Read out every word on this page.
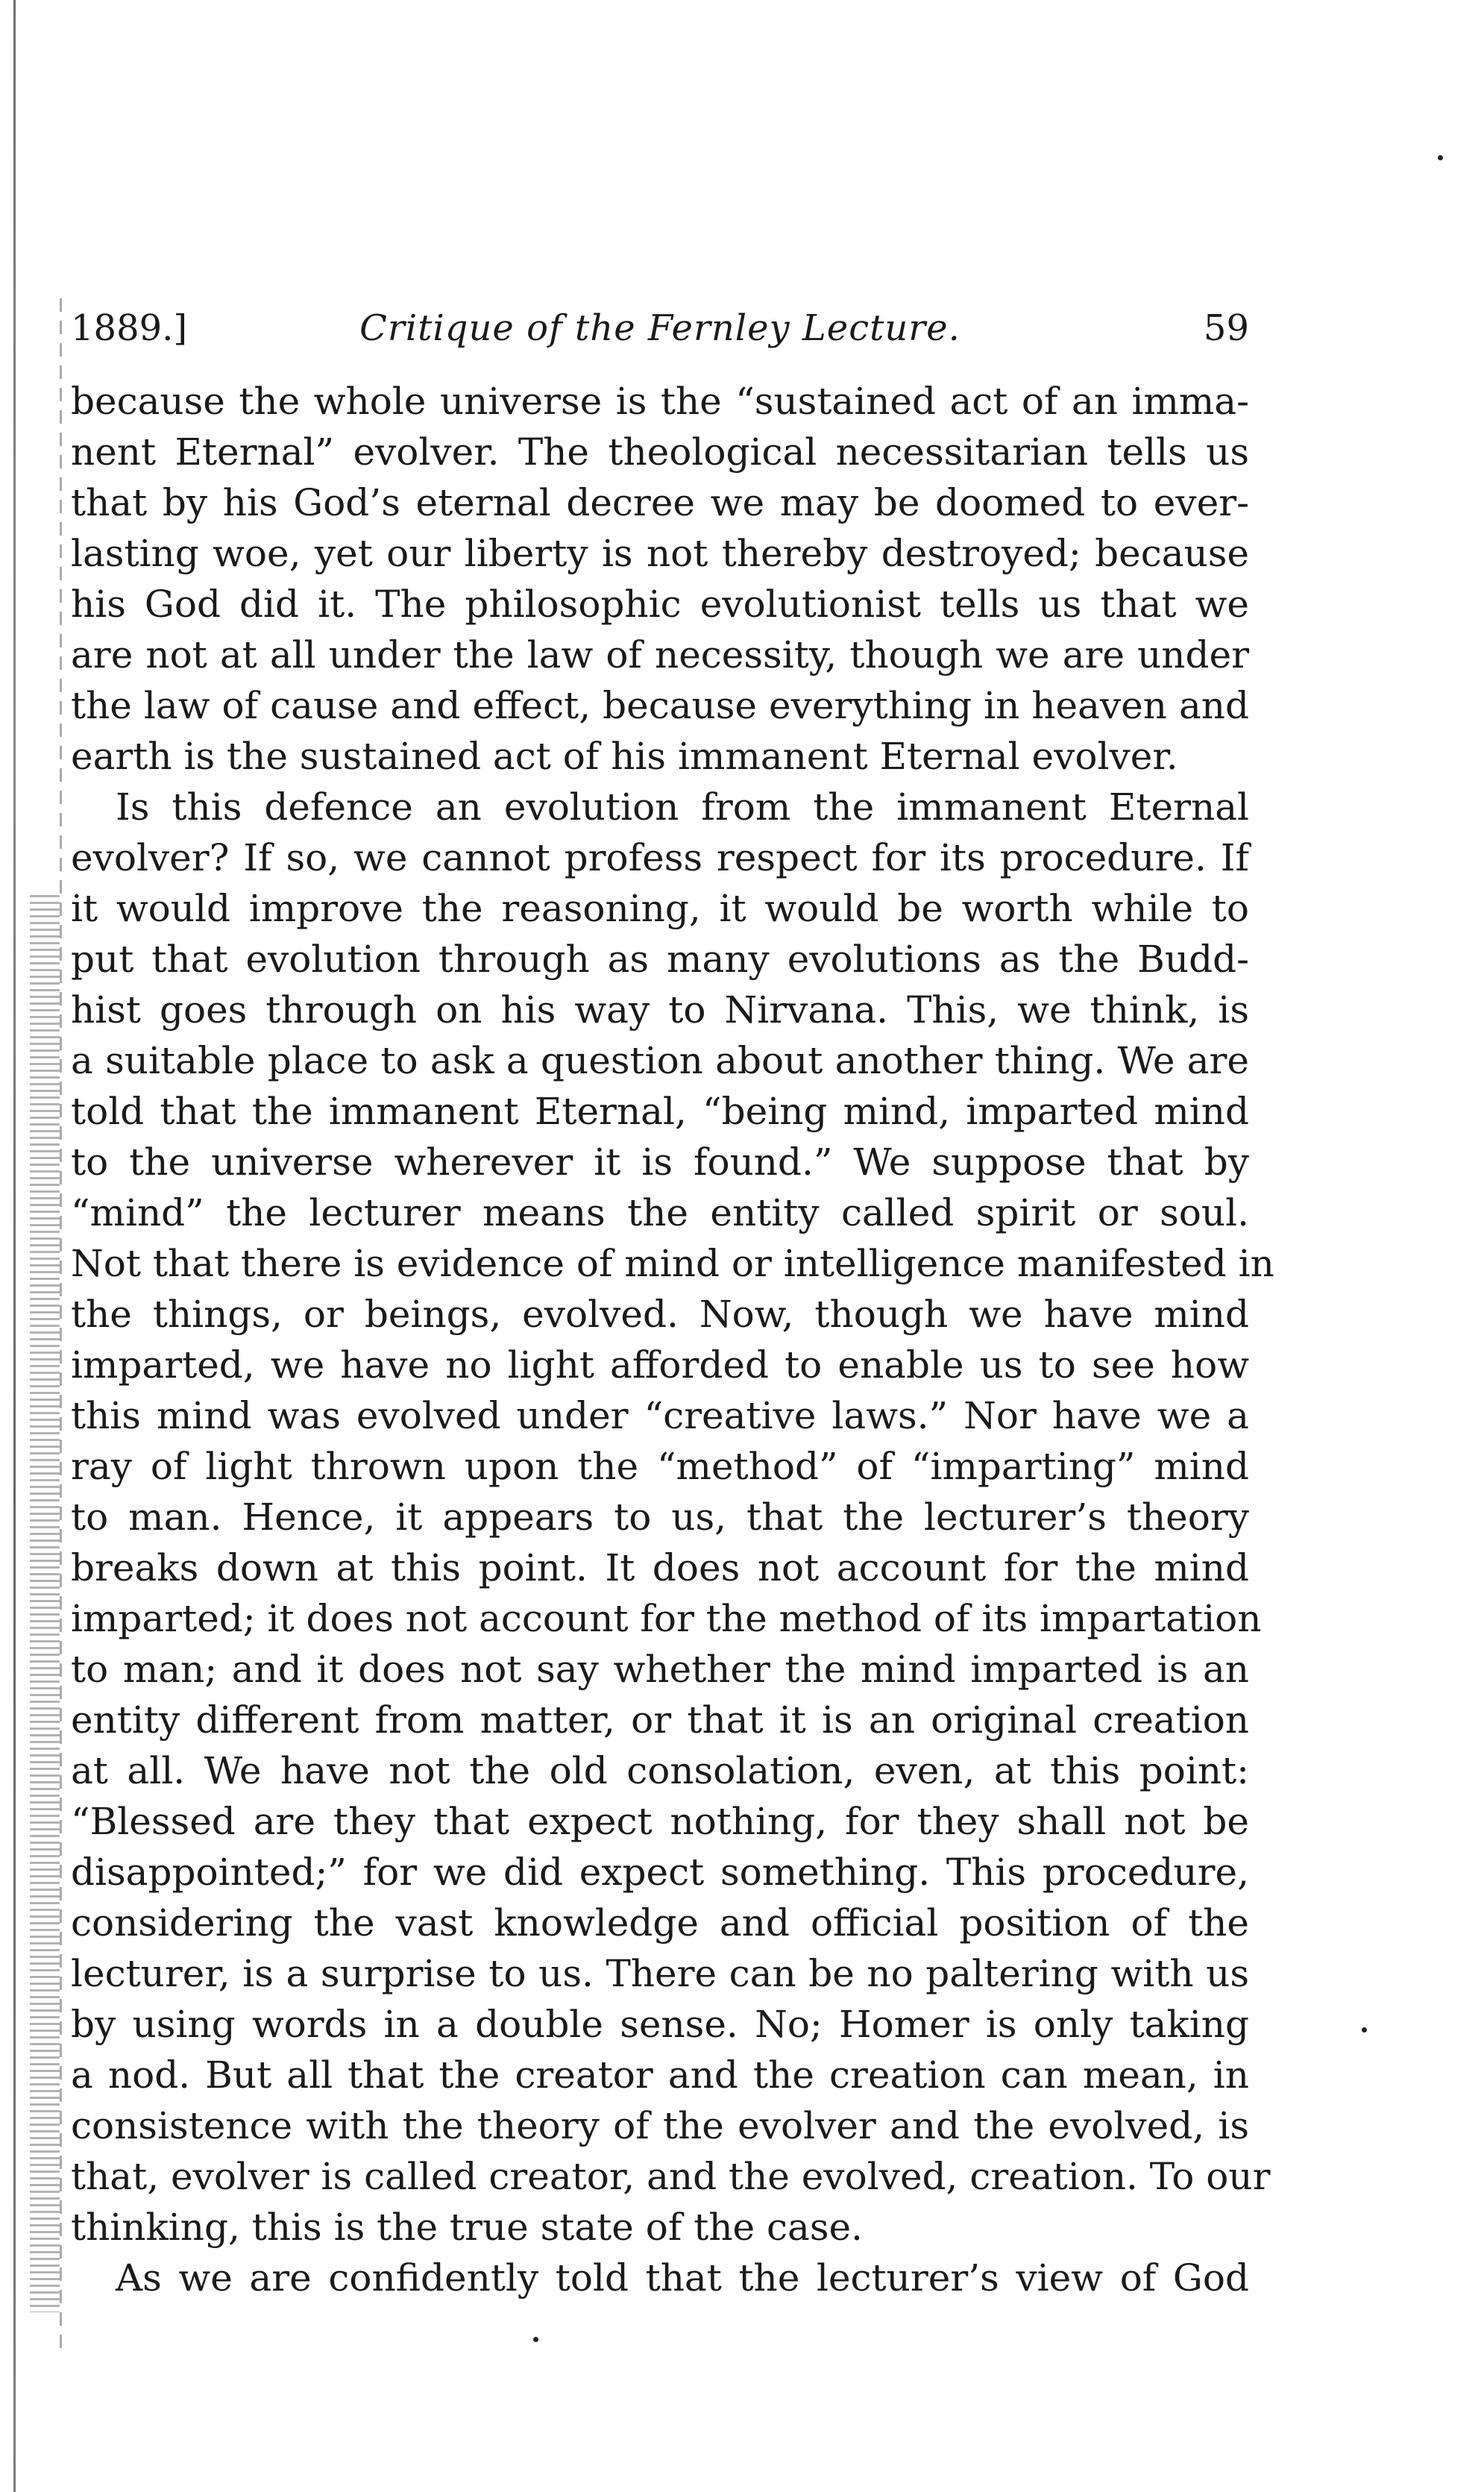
1889.]	Critique of the Fernley Lecture.	59
because the whole universe is the “sustained act of an imma-
nent Eternal” evolver. The theological necessitarian tells us
that by his God’s eternal decree we may be doomed to ever-
lasting woe, yet our liberty is not thereby destroyed; because
his God did it. The philosophic evolutionist tells us that we
are not at all under the law of necessity, though we are under
the law of cause and effect, because everything in heaven and
earth is the sustained act of his immanent Eternal evolver.
Is this defence an evolution from the immanent Eternal
evolver? If so, we cannot profess respect for its procedure. If
it would improve the reasoning, it would be worth while to
put that evolution through as many evolutions as the Budd-
hist goes through on his way to Nirvana. This, we think, is
a suitable place to ask a question about another thing. We are
told that the immanent Eternal, “being mind, imparted mind
to the universe wherever it is found.” We suppose that by
“mind” the lecturer means the entity called spirit or soul.
Not that there is evidence of mind or intelligence manifested in
the things, or beings, evolved. Now, though we have mind
imparted, we have no light afforded to enable us to see how
this mind was evolved under “creative laws.” Nor have we a
ray of light thrown upon the “method” of “imparting” mind
to man. Hence, it appears to us, that the lecturer’s theory
breaks down at this point. It does not account for the mind
imparted; it does not account for the method of its impartation
to man; and it does not say whether the mind imparted is an
entity different from matter, or that it is an original creation
at all. We have not the old consolation, even, at this point:
“Blessed are they that expect nothing, for they shall not be
disappointed;” for we did expect something. This procedure,
considering the vast knowledge and official position of the
lecturer, is a surprise to us. There can be no paltering with us
by using words in a double sense. No; Homer is only taking
a nod. But all that the creator and the creation can mean, in
consistence with the theory of the evolver and the evolved, is
that, evolver is called creator, and the evolved, creation. To our
thinking, this is the true state of the case.
As we are confidently told that the lecturer’s view of God
